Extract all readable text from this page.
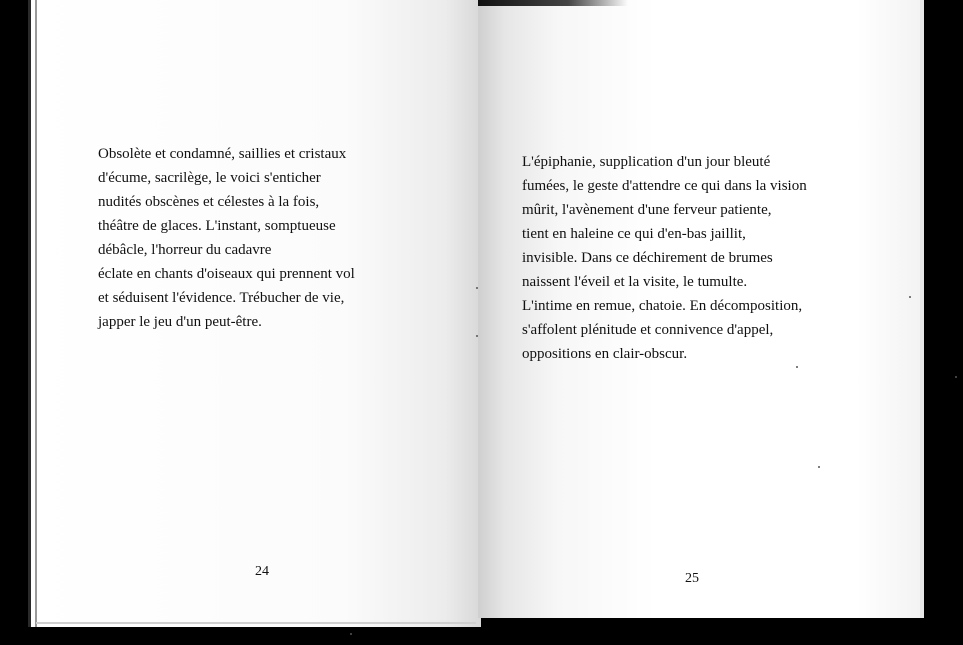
Obsolète et condamné, saillies et cristaux
d'écume, sacrilège, le voici s'enticher
nudités obscènes et célestes à la fois,
théâtre de glaces. L'instant, somptueuse
débâcle, l'horreur du cadavre
éclate en chants d'oiseaux qui prennent vol
et séduisent l'évidence. Trébucher de vie,
japper le jeu d'un peut-être.
24
L'épiphanie, supplication d'un jour bleuté
fumées, le geste d'attendre ce qui dans la vision
mûrit, l'avènement d'une ferveur patiente,
tient en haleine ce qui d'en-bas jaillit,
invisible. Dans ce déchirement de brumes
naissent l'éveil et la visite, le tumulte.
L'intime en remue, chatoie. En décomposition,
s'affolent plénitude et connivence d'appel,
oppositions en clair-obscur.
25
